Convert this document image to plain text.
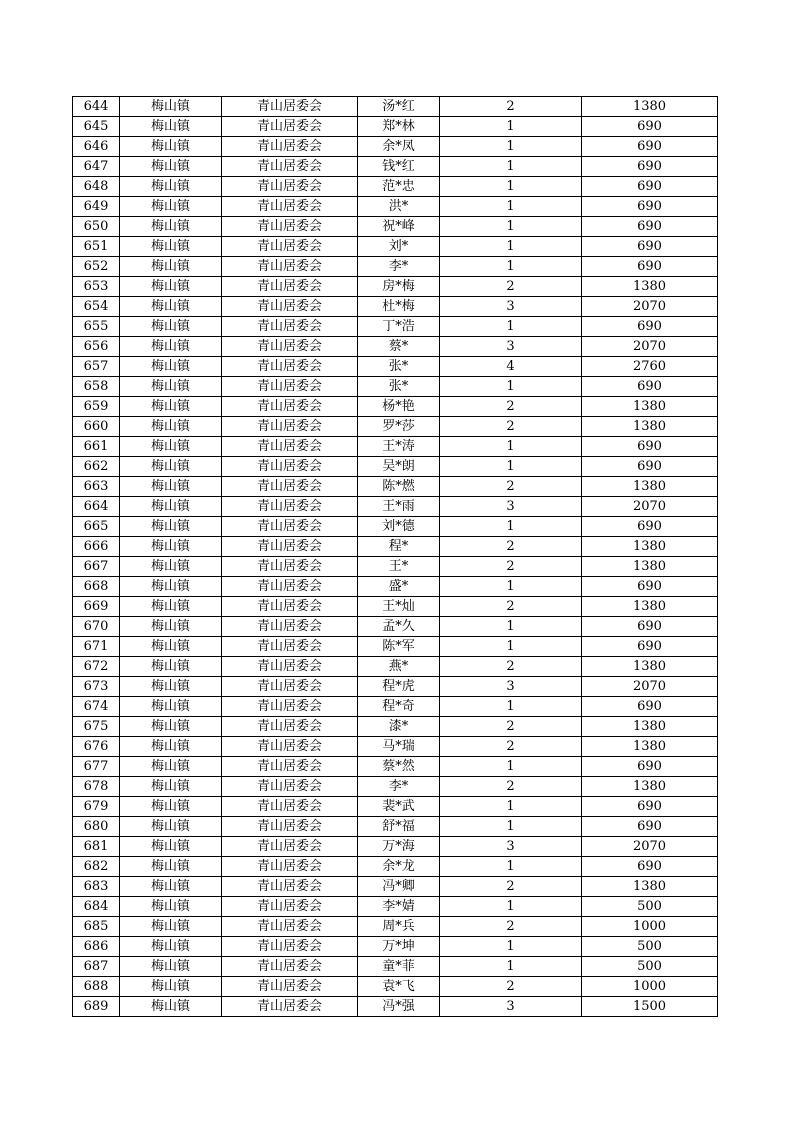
644	梅山镇	青山居委会	汤*红	2	1380
645	梅山镇	青山居委会	郑*林	1	690
646	梅山镇	青山居委会	余*凤	1	690
647	梅山镇	青山居委会	钱*红	1	690
648	梅山镇	青山居委会	范*忠	1	690
649	梅山镇	青山居委会	洪*	1	690
650	梅山镇	青山居委会	祝*峰	1	690
651	梅山镇	青山居委会	刘*	1	690
652	梅山镇	青山居委会	李*	1	690
653	梅山镇	青山居委会	房*梅	2	1380
654	梅山镇	青山居委会	杜*梅	3	2070
655	梅山镇	青山居委会	丁*浩	1	690
656	梅山镇	青山居委会	蔡*	3	2070
657	梅山镇	青山居委会	张*	4	2760
658	梅山镇	青山居委会	张*	1	690
659	梅山镇	青山居委会	杨*艳	2	1380
660	梅山镇	青山居委会	罗*莎	2	1380
661	梅山镇	青山居委会	王*涛	1	690
662	梅山镇	青山居委会	吴*朗	1	690
663	梅山镇	青山居委会	陈*燃	2	1380
664	梅山镇	青山居委会	王*雨	3	2070
665	梅山镇	青山居委会	刘*德	1	690
666	梅山镇	青山居委会	程*	2	1380
667	梅山镇	青山居委会	王*	2	1380
668	梅山镇	青山居委会	盛*	1	690
669	梅山镇	青山居委会	王*灿	2	1380
670	梅山镇	青山居委会	孟*久	1	690
671	梅山镇	青山居委会	陈*军	1	690
672	梅山镇	青山居委会	燕*	2	1380
673	梅山镇	青山居委会	程*虎	3	2070
674	梅山镇	青山居委会	程*奇	1	690
675	梅山镇	青山居委会	漆*	2	1380
676	梅山镇	青山居委会	马*瑞	2	1380
677	梅山镇	青山居委会	蔡*然	1	690
678	梅山镇	青山居委会	李*	2	1380
679	梅山镇	青山居委会	裴*武	1	690
680	梅山镇	青山居委会	舒*福	1	690
681	梅山镇	青山居委会	万*海	3	2070
682	梅山镇	青山居委会	余*龙	1	690
683	梅山镇	青山居委会	冯*卿	2	1380
684	梅山镇	青山居委会	李*婧	1	500
685	梅山镇	青山居委会	周*兵	2	1000
686	梅山镇	青山居委会	万*坤	1	500
687	梅山镇	青山居委会	童*菲	1	500
688	梅山镇	青山居委会	袁*飞	2	1000
689	梅山镇	青山居委会	冯*强	3	1500
